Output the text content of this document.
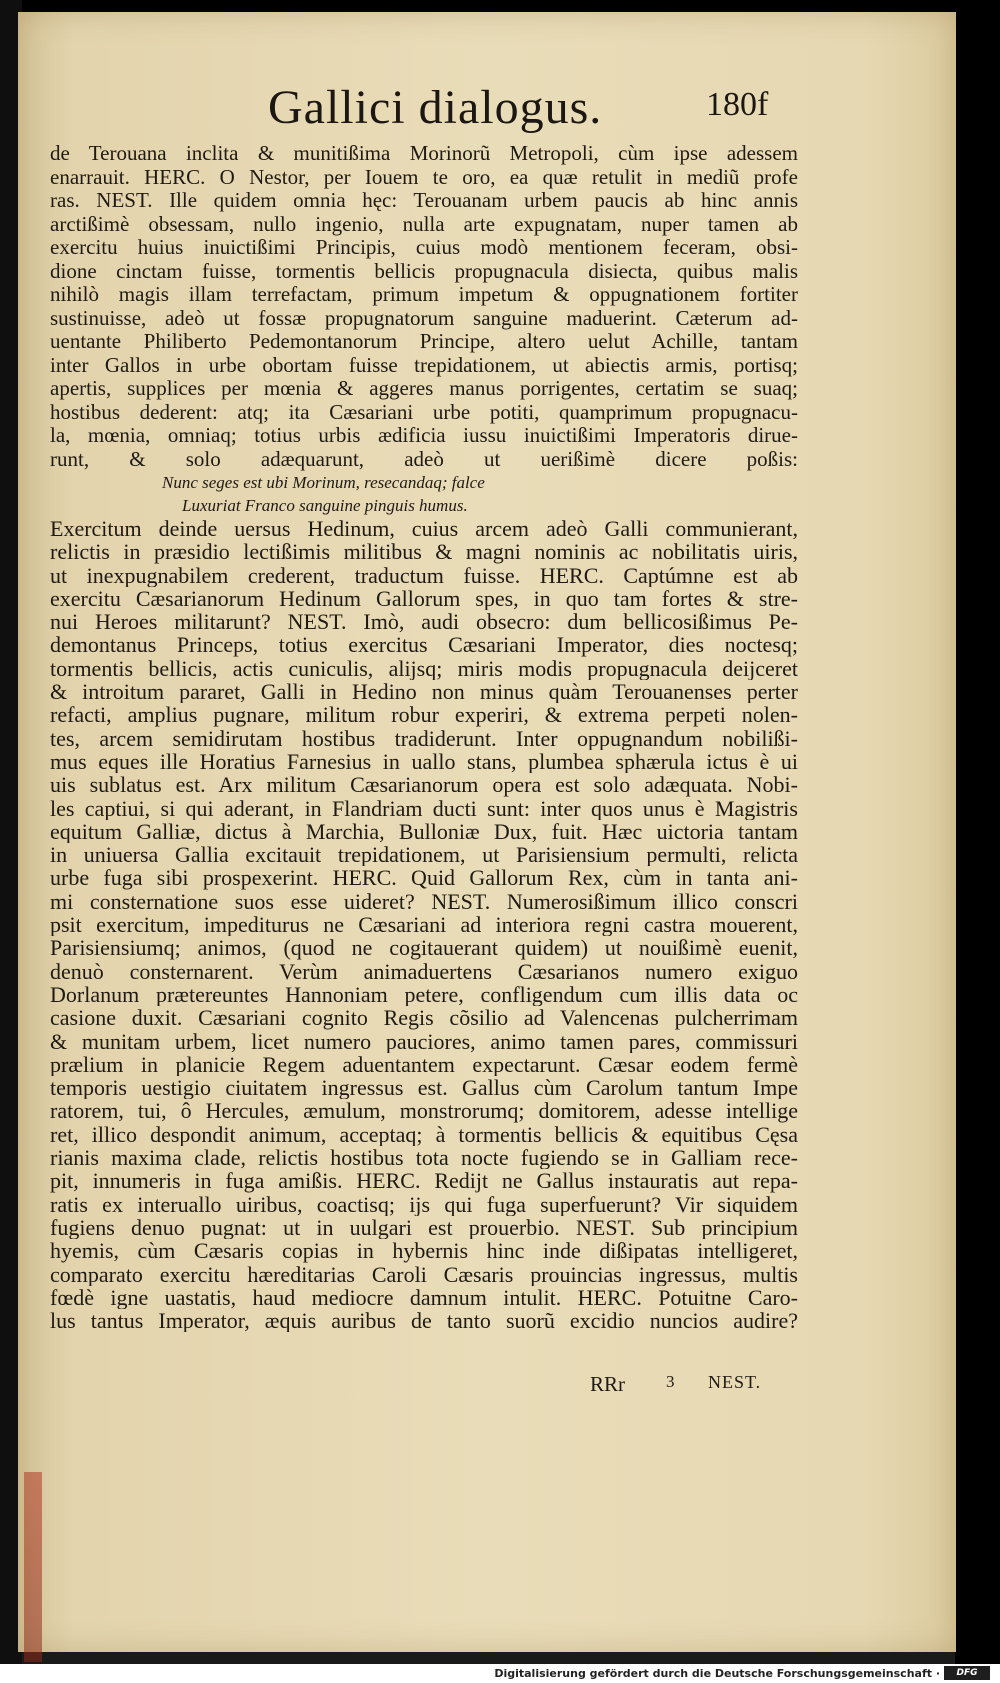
Gallici dialogus.	180f
de Terouana inclita & munitißima Morinorũ Metropoli, cùm ipse adessem
enarrauit. HERC. O Nestor, per Iouem te oro, ea quæ retulit in mediũ profe
ras. NEST. Ille quidem omnia hęc: Terouanam urbem paucis ab hinc annis
arctißimè obsessam, nullo ingenio, nulla arte expugnatam, nuper tamen ab
exercitu huius inuictißimi Principis, cuius modò mentionem feceram, obsi-
dione cinctam fuisse, tormentis bellicis propugnacula disiecta, quibus malis
nihilò magis illam terrefactam, primum impetum & oppugnationem fortiter
sustinuisse, adeò ut fossæ propugnatorum sanguine maduerint. Cæterum ad-
uentante Philiberto Pedemontanorum Principe, altero uelut Achille, tantam
inter Gallos in urbe obortam fuisse trepidationem, ut abiectis armis, portisq;
apertis, supplices per mœnia & aggeres manus porrigentes, certatim se suaq;
hostibus dederent: atq; ita Cæsariani urbe potiti, quamprimum propugnacu-
la, mœnia, omniaq; totius urbis ædificia iussu inuictißimi Imperatoris dirue-
runt, & solo adæquarunt, adeò ut uerißimè dicere poßis:
Nunc seges est ubi Morinum, resecandaq; falce
Luxuriat Franco sanguine pinguis humus.
Exercitum deinde uersus Hedinum, cuius arcem adeò Galli communierant,
relictis in præsidio lectißimis militibus & magni nominis ac nobilitatis uiris,
ut inexpugnabilem crederent, traductum fuisse. HERC. Captúmne est ab
exercitu Cæsarianorum Hedinum Gallorum spes, in quo tam fortes & stre-
nui Heroes militarunt? NEST. Imò, audi obsecro: dum bellicosißimus Pe-
demontanus Princeps, totius exercitus Cæsariani Imperator, dies noctesq;
tormentis bellicis, actis cuniculis, alijsq; miris modis propugnacula deijceret
& introitum pararet, Galli in Hedino non minus quàm Terouanenses perter
refacti, amplius pugnare, militum robur experiri, & extrema perpeti nolen-
tes, arcem semidirutam hostibus tradiderunt. Inter oppugnandum nobilißi-
mus eques ille Horatius Farnesius in uallo stans, plumbea sphærula ictus è ui
uis sublatus est. Arx militum Cæsarianorum opera est solo adæquata. Nobi-
les captiui, si qui aderant, in Flandriam ducti sunt: inter quos unus è Magistris
equitum Galliæ, dictus à Marchia, Bulloniæ Dux, fuit. Hæc uictoria tantam
in uniuersa Gallia excitauit trepidationem, ut Parisiensium permulti, relicta
urbe fuga sibi prospexerint. HERC. Quid Gallorum Rex, cùm in tanta ani-
mi consternatione suos esse uideret? NEST. Numerosißimum illico conscri
psit exercitum, impediturus ne Cæsariani ad interiora regni castra mouerent,
Parisiensiumq; animos, (quod ne cogitauerant quidem) ut nouißimè euenit,
denuò consternarent. Verùm animaduertens Cæsarianos numero exiguo
Dorlanum prætereuntes Hannoniam petere, confligendum cum illis data oc
casione duxit. Cæsariani cognito Regis cõsilio ad Valencenas pulcherrimam
& munitam urbem, licet numero pauciores, animo tamen pares, commissuri
prælium in planicie Regem aduentantem expectarunt. Cæsar eodem fermè
temporis uestigio ciuitatem ingressus est. Gallus cùm Carolum tantum Impe
ratorem, tui, ô Hercules, æmulum, monstrorumq; domitorem, adesse intellige
ret, illico despondit animum, acceptaq; à tormentis bellicis & equitibus Cęsa
rianis maxima clade, relictis hostibus tota nocte fugiendo se in Galliam rece-
pit, innumeris in fuga amißis. HERC. Redijt ne Gallus instauratis aut repa-
ratis ex interuallo uiribus, coactisq; ijs qui fuga superfuerunt? Vir siquidem
fugiens denuo pugnat: ut in uulgari est prouerbio. NEST. Sub principium
hyemis, cùm Cæsaris copias in hybernis hinc inde dißipatas intelligeret,
comparato exercitu hæreditarias Caroli Cæsaris prouincias ingressus, multis
fœdè igne uastatis, haud mediocre damnum intulit. HERC. Potuitne Caro-
lus tantus Imperator, æquis auribus de tanto suorũ excidio nuncios audire?
RRr 3 NEST.
Digitalisierung gefördert durch die Deutsche Forschungsgemeinschaft ·	DFG
